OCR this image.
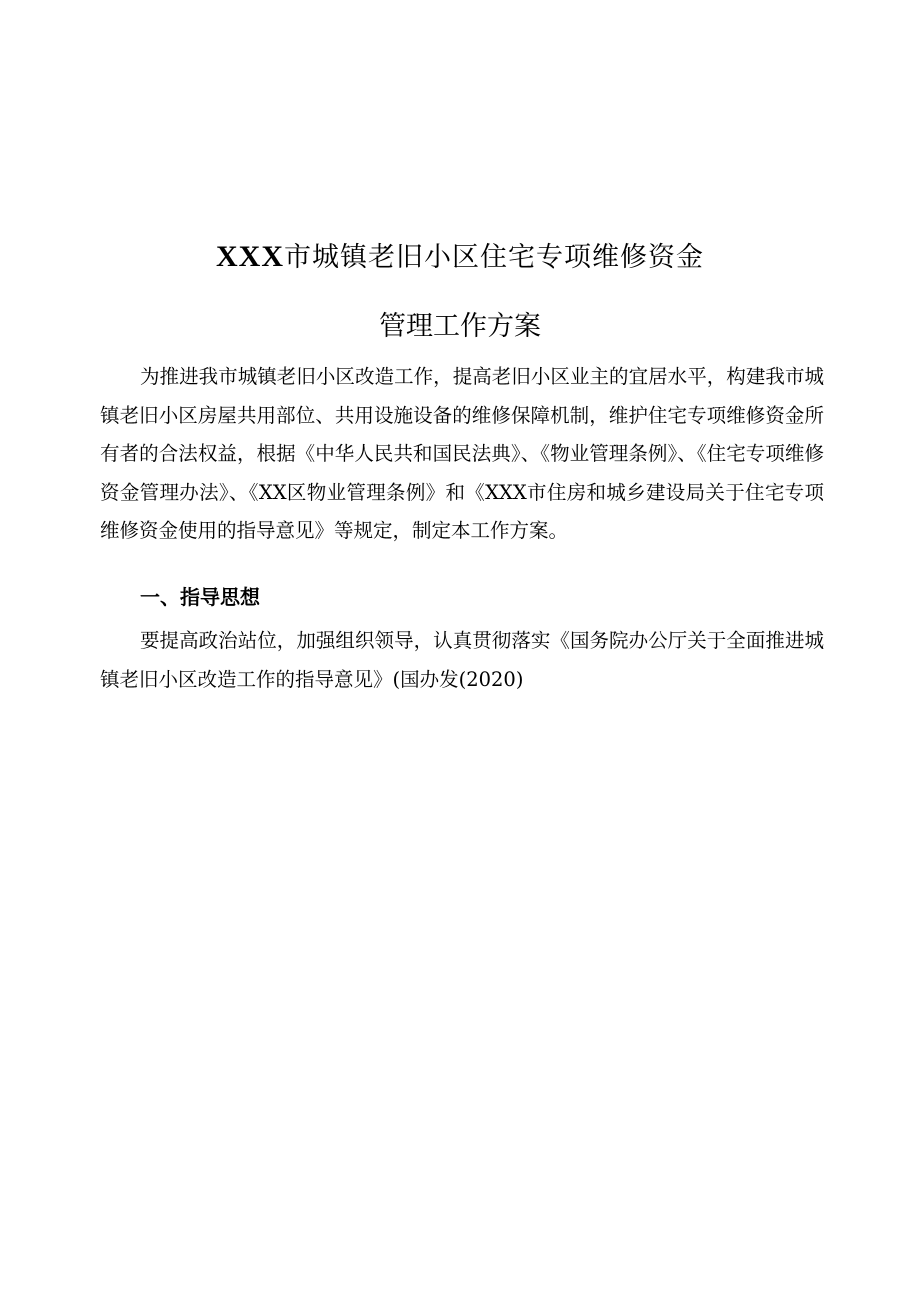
XXX市城镇老旧小区住宅专项维修资金
管理工作方案
为推进我市城镇老旧小区改造工作，提高老旧小区业主的宜居水平，构建我市城镇老旧小区房屋共用部位、共用设施设备的维修保障机制，维护住宅专项维修资金所有者的合法权益，根据《中华人民共和国民法典》、《物业管理条例》、《住宅专项维修资金管理办法》、《XX区物业管理条例》和《XXX市住房和城乡建设局关于住宅专项维修资金使用的指导意见》等规定，制定本工作方案。
一、指导思想
要提高政治站位，加强组织领导，认真贯彻落实《国务院办公厅关于全面推进城镇老旧小区改造工作的指导意见》(国办发(2020)
